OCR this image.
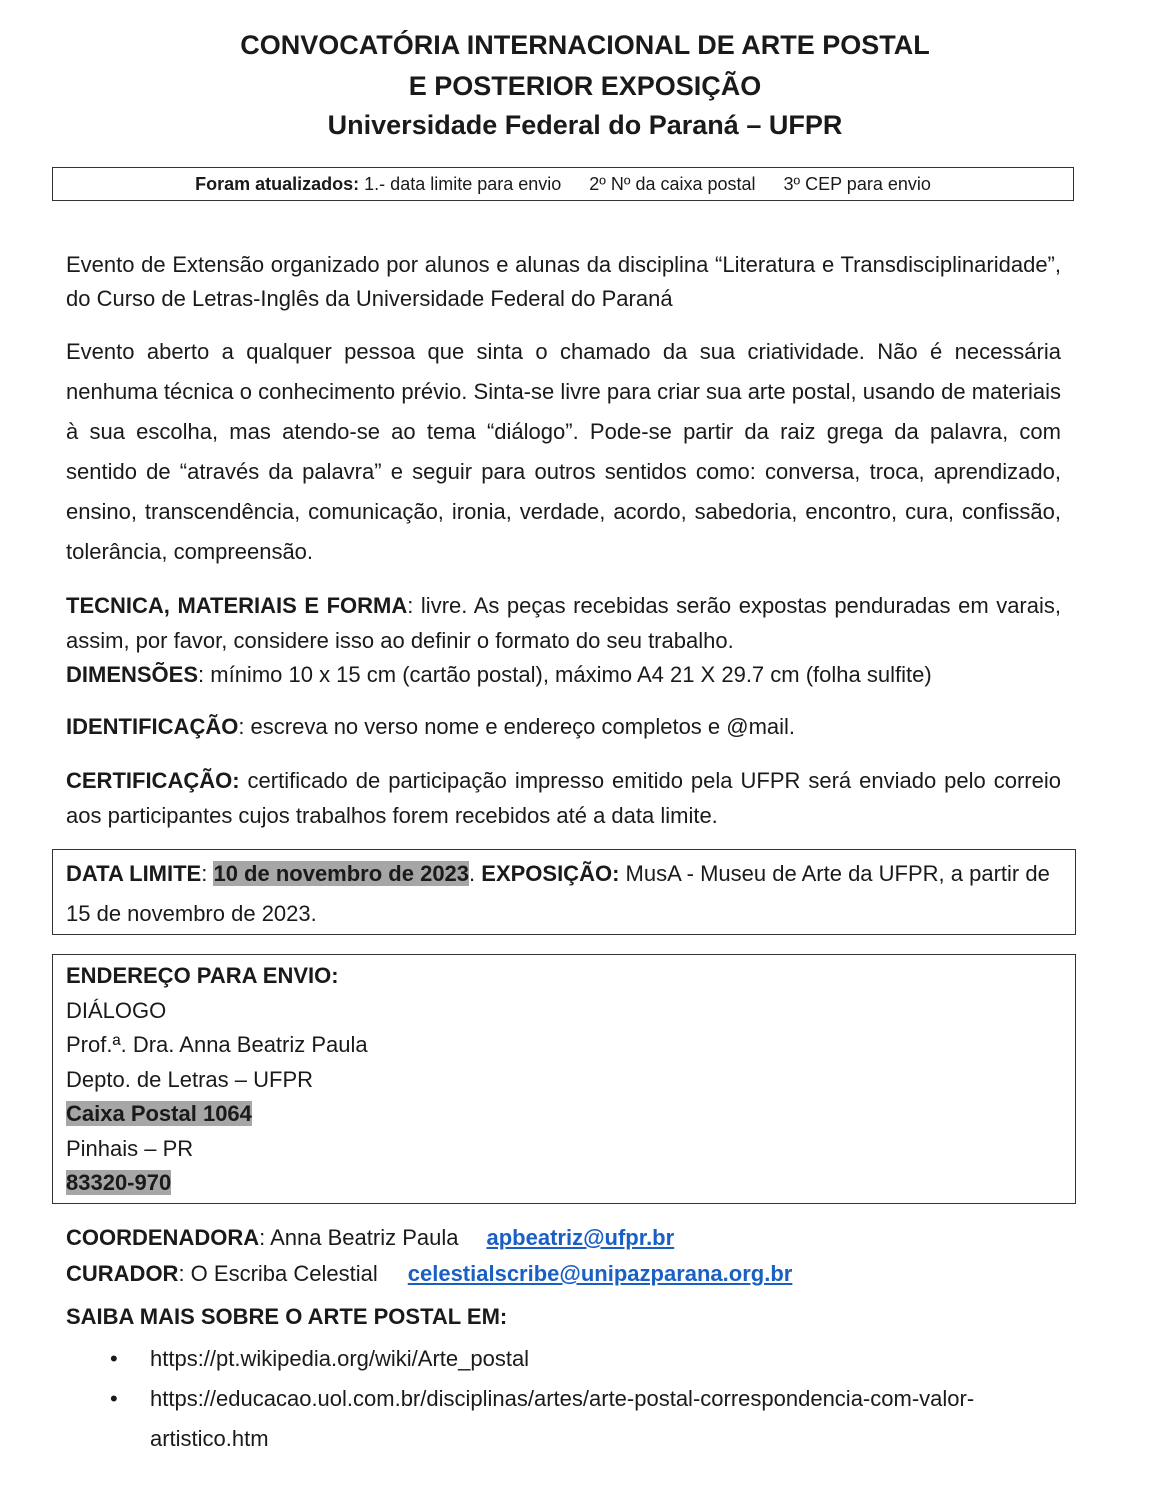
CONVOCATÓRIA INTERNACIONAL DE ARTE POSTAL
E POSTERIOR EXPOSIÇÃO
Universidade Federal do Paraná – UFPR
Foram atualizados: 1.- data limite para envio 2º Nº da caixa postal 3º CEP para envio
Evento de Extensão organizado por alunos e alunas da disciplina “Literatura e Transdisciplinaridade”, do Curso de Letras-Inglês da Universidade Federal do Paraná
Evento aberto a qualquer pessoa que sinta o chamado da sua criatividade. Não é necessária nenhuma técnica o conhecimento prévio. Sinta-se livre para criar sua arte postal, usando de materiais à sua escolha, mas atendo-se ao tema “diálogo”. Pode-se partir da raiz grega da palavra, com sentido de “através da palavra” e seguir para outros sentidos como: conversa, troca, aprendizado, ensino, transcendência, comunicação, ironia, verdade, acordo, sabedoria, encontro, cura, confissão, tolerância, compreensão.
TECNICA, MATERIAIS E FORMA: livre. As peças recebidas serão expostas penduradas em varais, assim, por favor, considere isso ao definir o formato do seu trabalho.
DIMENSÕES: mínimo 10 x 15 cm (cartão postal), máximo A4 21 X 29.7 cm (folha sulfite)
IDENTIFICAÇÃO: escreva no verso nome e endereço completos e @mail.
CERTIFICAÇÃO: certificado de participação impresso emitido pela UFPR será enviado pelo correio aos participantes cujos trabalhos forem recebidos até a data limite.
DATA LIMITE: 10 de novembro de 2023. EXPOSIÇÃO: MusA - Museu de Arte da UFPR, a partir de 15 de novembro de 2023.
ENDEREÇO PARA ENVIO:
DIÁLOGO
Prof.ª. Dra. Anna Beatriz Paula
Depto. de Letras – UFPR
Caixa Postal 1064
Pinhais – PR
83320-970
COORDENADORA: Anna Beatriz Paula apbeatriz@ufpr.br
CURADOR: O Escriba Celestial celestialscribe@unipazparana.org.br
SAIBA MAIS SOBRE O ARTE POSTAL EM:
• https://pt.wikipedia.org/wiki/Arte_postal
• https://educacao.uol.com.br/disciplinas/artes/arte-postal-correspondencia-com-valor-artistico.htm
